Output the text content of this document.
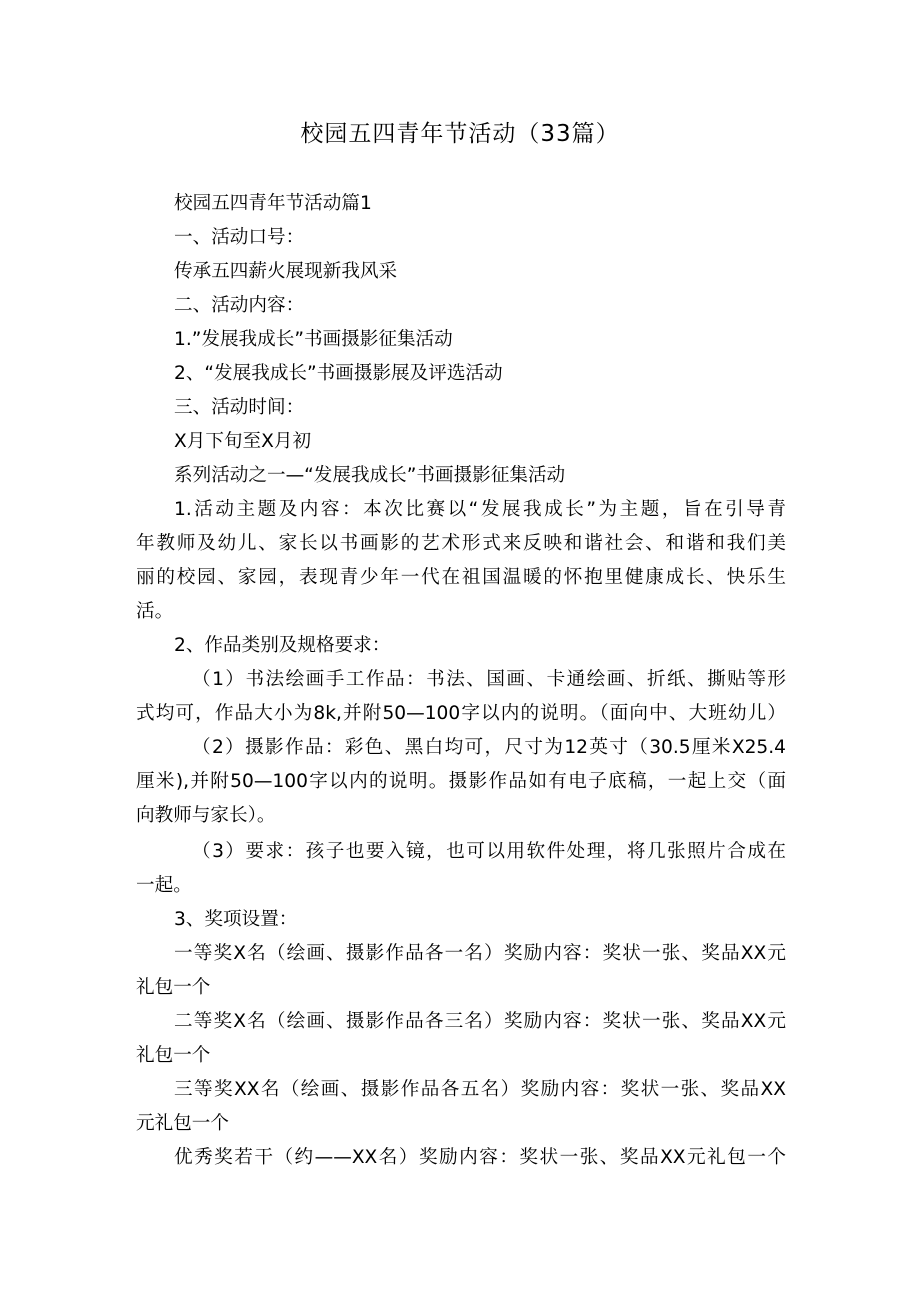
校园五四青年节活动（33篇）
校园五四青年节活动篇1
一、活动口号：
传承五四薪火展现新我风采
二、活动内容：
1.”发展我成长”书画摄影征集活动
2、“发展我成长”书画摄影展及评选活动
三、活动时间：
X月下旬至X月初
系列活动之一—“发展我成长”书画摄影征集活动
1.活动主题及内容：本次比赛以“发展我成长”为主题，旨在引导青
年教师及幼儿、家长以书画影的艺术形式来反映和谐社会、和谐和我们美
丽的校园、家园，表现青少年一代在祖国温暖的怀抱里健康成长、快乐生
活。
2、作品类别及规格要求：
（1）书法绘画手工作品：书法、国画、卡通绘画、折纸、撕贴等形
式均可，作品大小为8k,并附50—100字以内的说明。（面向中、大班幼儿）
（2）摄影作品：彩色、黑白均可，尺寸为12英寸（30.5厘米X25.4
厘米),并附50—100字以内的说明。摄影作品如有电子底稿，一起上交（面
向教师与家长）。
（3）要求：孩子也要入镜，也可以用软件处理，将几张照片合成在
一起。
3、奖项设置：
一等奖X名（绘画、摄影作品各一名）奖励内容：奖状一张、奖品XX元
礼包一个
二等奖X名（绘画、摄影作品各三名）奖励内容：奖状一张、奖品XX元
礼包一个
三等奖XX名（绘画、摄影作品各五名）奖励内容：奖状一张、奖品XX
元礼包一个
优秀奖若干（约——XX名）奖励内容：奖状一张、奖品XX元礼包一个
